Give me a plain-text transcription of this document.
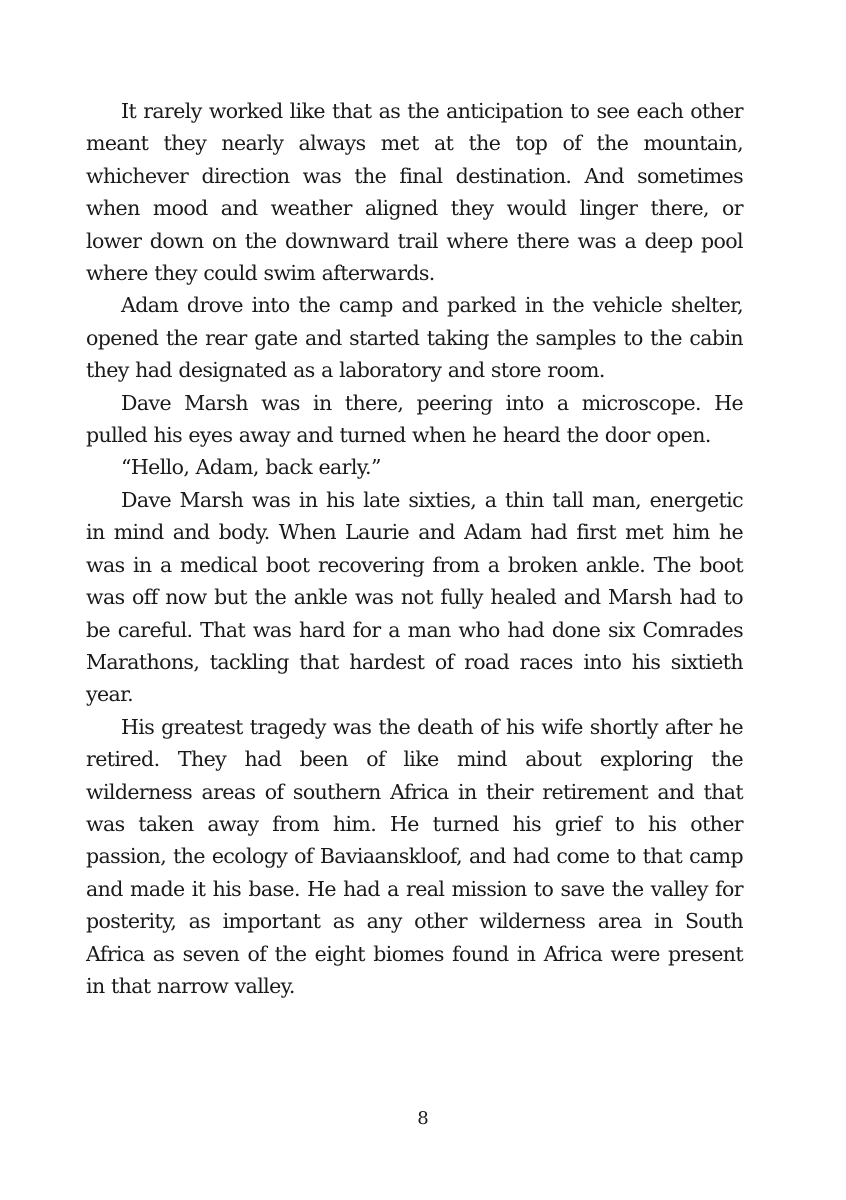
It rarely worked like that as the anticipation to see each other meant they nearly always met at the top of the mountain, whichever direction was the final destination. And sometimes when mood and weather aligned they would linger there, or lower down on the downward trail where there was a deep pool where they could swim afterwards.

Adam drove into the camp and parked in the vehicle shelter, opened the rear gate and started taking the samples to the cabin they had designated as a laboratory and store room.

Dave Marsh was in there, peering into a microscope. He pulled his eyes away and turned when he heard the door open.

“Hello, Adam, back early.”

Dave Marsh was in his late sixties, a thin tall man, energetic in mind and body. When Laurie and Adam had first met him he was in a medical boot recovering from a broken ankle. The boot was off now but the ankle was not fully healed and Marsh had to be careful. That was hard for a man who had done six Comrades Marathons, tackling that hardest of road races into his sixtieth year.

His greatest tragedy was the death of his wife shortly after he retired. They had been of like mind about exploring the wilderness areas of southern Africa in their retirement and that was taken away from him. He turned his grief to his other passion, the ecology of Baviaanskloof, and had come to that camp and made it his base. He had a real mission to save the valley for posterity, as important as any other wilderness area in South Africa as seven of the eight biomes found in Africa were present in that narrow valley.

8
